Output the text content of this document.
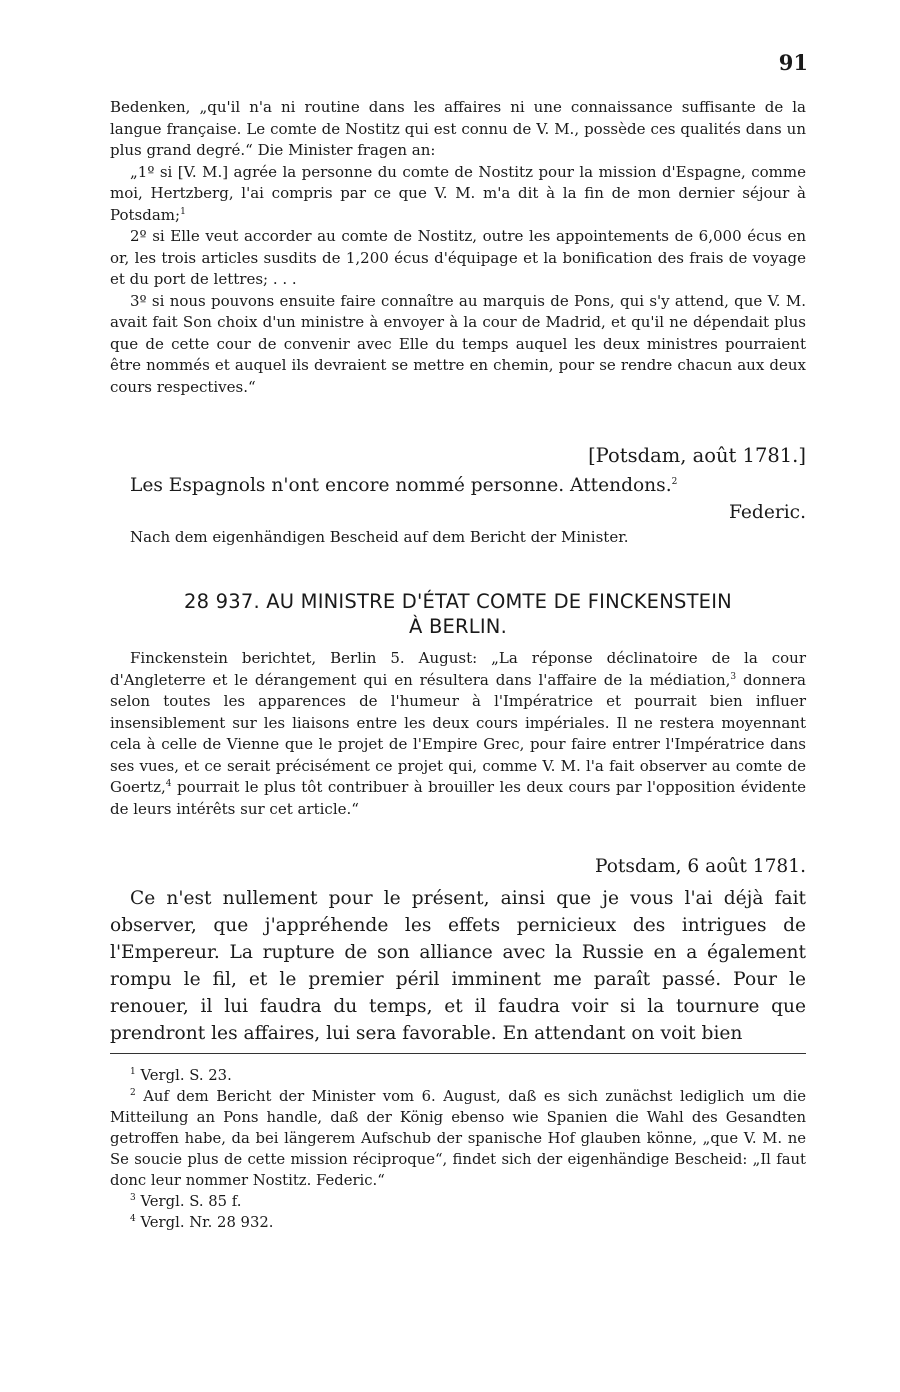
91

Bedenken, „qu'il n'a ni routine dans les affaires ni une connaissance suffisante de la langue française. Le comte de Nostitz qui est connu de V. M., possède ces qualités dans un plus grand degré.“ Die Minister fragen an:

„1º si [V. M.] agrée la personne du comte de Nostitz pour la mission d'Espagne, comme moi, Hertzberg, l'ai compris par ce que V. M. m'a dit à la fin de mon dernier séjour à Potsdam;$^1$

2º si Elle veut accorder au comte de Nostitz, outre les appointements de 6,000 écus en or, les trois articles susdits de 1,200 écus d'équipage et la bonification des frais de voyage et du port de lettres; . . .

3º si nous pouvons ensuite faire connaître au marquis de Pons, qui s'y attend, que V. M. avait fait Son choix d'un ministre à envoyer à la cour de Madrid, et qu'il ne dépendait plus que de cette cour de convenir avec Elle du temps auquel les deux ministres pourraient être nommés et auquel ils devraient se mettre en chemin, pour se rendre chacun aux deux cours respectives.“

[Potsdam, août 1781.]
Les Espagnols n'ont encore nommé personne. Attendons.$^2$
Federic.
Nach dem eigenhändigen Bescheid auf dem Bericht der Minister.
28 937. AU MINISTRE D'ÉTAT COMTE DE FINCKENSTEIN
À BERLIN.
Finckenstein berichtet, Berlin 5. August: „La réponse déclinatoire de la cour d'Angleterre et le dérangement qui en résultera dans l'affaire de la médiation,$^3$ donnera selon toutes les apparences de l'humeur à l'Impératrice et pourrait bien influer insensiblement sur les liaisons entre les deux cours impériales. Il ne restera moyennant cela à celle de Vienne que le projet de l'Empire Grec, pour faire entrer l'Impératrice dans ses vues, et ce serait précisément ce projet qui, comme V. M. l'a fait observer au comte de Goertz,$^4$ pourrait le plus tôt contribuer à brouiller les deux cours par l'opposition évidente de leurs intérêts sur cet article.“
Potsdam, 6 août 1781.
Ce n'est nullement pour le présent, ainsi que je vous l'ai déjà fait observer, que j'appréhende les effets pernicieux des intrigues de l'Empereur. La rupture de son alliance avec la Russie en a également rompu le fil, et le premier péril imminent me paraît passé. Pour le renouer, il lui faudra du temps, et il faudra voir si la tournure que prendront les affaires, lui sera favorable. En attendant on voit bien

$^1$ Vergl. S. 23.

$^2$ Auf dem Bericht der Minister vom 6. August, daß es sich zunächst lediglich um die Mitteilung an Pons handle, daß der König ebenso wie Spanien die Wahl des Gesandten getroffen habe, da bei längerem Aufschub der spanische Hof glauben könne, „que V. M. ne Se soucie plus de cette mission réciproque“, findet sich der eigenhändige Bescheid: „Il faut donc leur nommer Nostitz. Federic.“

$^3$ Vergl. S. 85 f.

$^4$ Vergl. Nr. 28 932.
